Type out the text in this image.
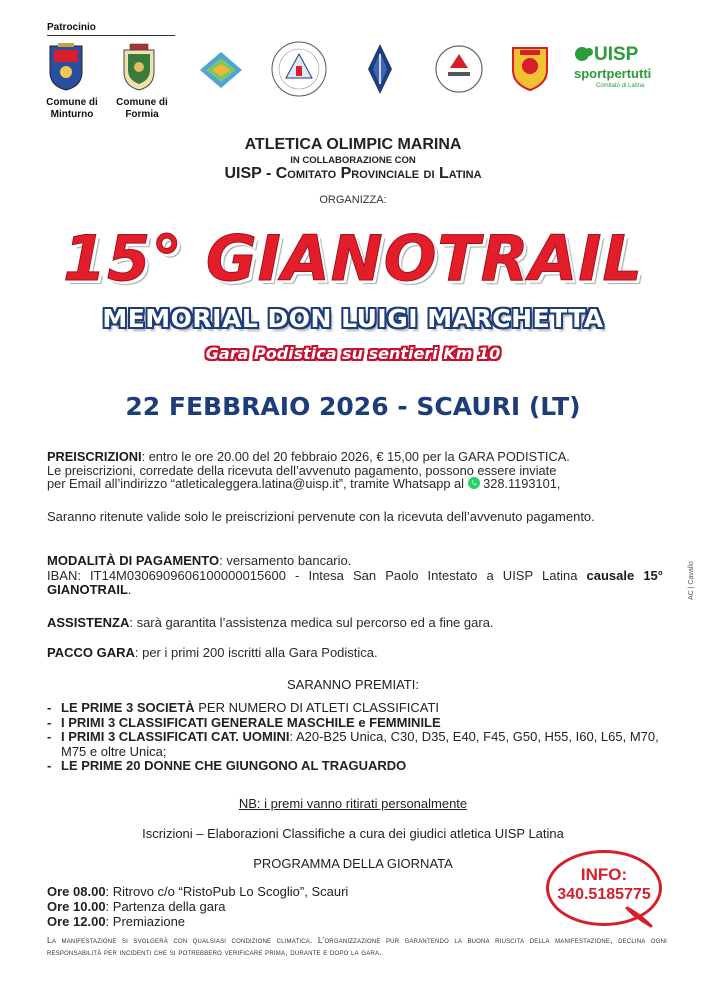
Patrocinio
Comune di
Minturno
Comune di
Formia
UISP
sportpertutti
Comitato di Latina
ATLETICA OLIMPIC MARINA
IN COLLABORAZIONE CON
UISP - Comitato Provinciale di Latina
ORGANIZZA:
15° GIANOTRAIL
MEMORIAL DON LUIGI MARCHETTA
Gara Podistica su sentieri Km 10
22 FEBBRAIO 2026 - SCAURI (LT)
PREISCRIZIONI: entro le ore 20.00 del 20 febbraio 2026, € 15,00 per la GARA PODISTICA.
Le preiscrizioni, corredate della ricevuta dell’avvenuto pagamento, possono essere inviate
per Email all’indirizzo “atleticaleggera.latina@uisp.it”, tramite Whatsapp al 328.1193101,
Saranno ritenute valide solo le preiscrizioni pervenute con la ricevuta dell’avvenuto pagamento.
MODALITÀ DI PAGAMENTO: versamento bancario.
IBAN: IT14M0306909606100000015600 - Intesa San Paolo Intestato a UISP Latina causale 15° GIANOTRAIL.
ASSISTENZA: sarà garantita l’assistenza medica sul percorso ed a fine gara.
PACCO GARA: per i primi 200 iscritti alla Gara Podistica.
SARANNO PREMIATI:
- LE PRIME 3 SOCIETÀ PER NUMERO DI ATLETI CLASSIFICATI
- I PRIMI 3 CLASSIFICATI GENERALE MASCHILE e FEMMINILE
- I PRIMI 3 CLASSIFICATI CAT. UOMINI: A20-B25 Unica, C30, D35, E40, F45, G50, H55, I60, L65, M70, M75 e oltre Unica;
- LE PRIME 20 DONNE CHE GIUNGONO AL TRAGUARDO
NB: i premi vanno ritirati personalmente
Iscrizioni – Elaborazioni Classifiche a cura dei giudici atletica UISP Latina
PROGRAMMA DELLA GIORNATA
Ore 08.00: Ritrovo c/o “RistoPub Lo Scoglio”, Scauri
Ore 10.00: Partenza della gara
Ore 12.00: Premiazione
INFO:
340.5185775
La manifestazione si svolgerà con qualsiasi condizione climatica. L’organizzazione pur garantendo la buona riuscita della manifestazione, declina ogni responsabilità per incidenti che si potrebbero verificare prima, durante e dopo la gara.
AC | Cavallo
